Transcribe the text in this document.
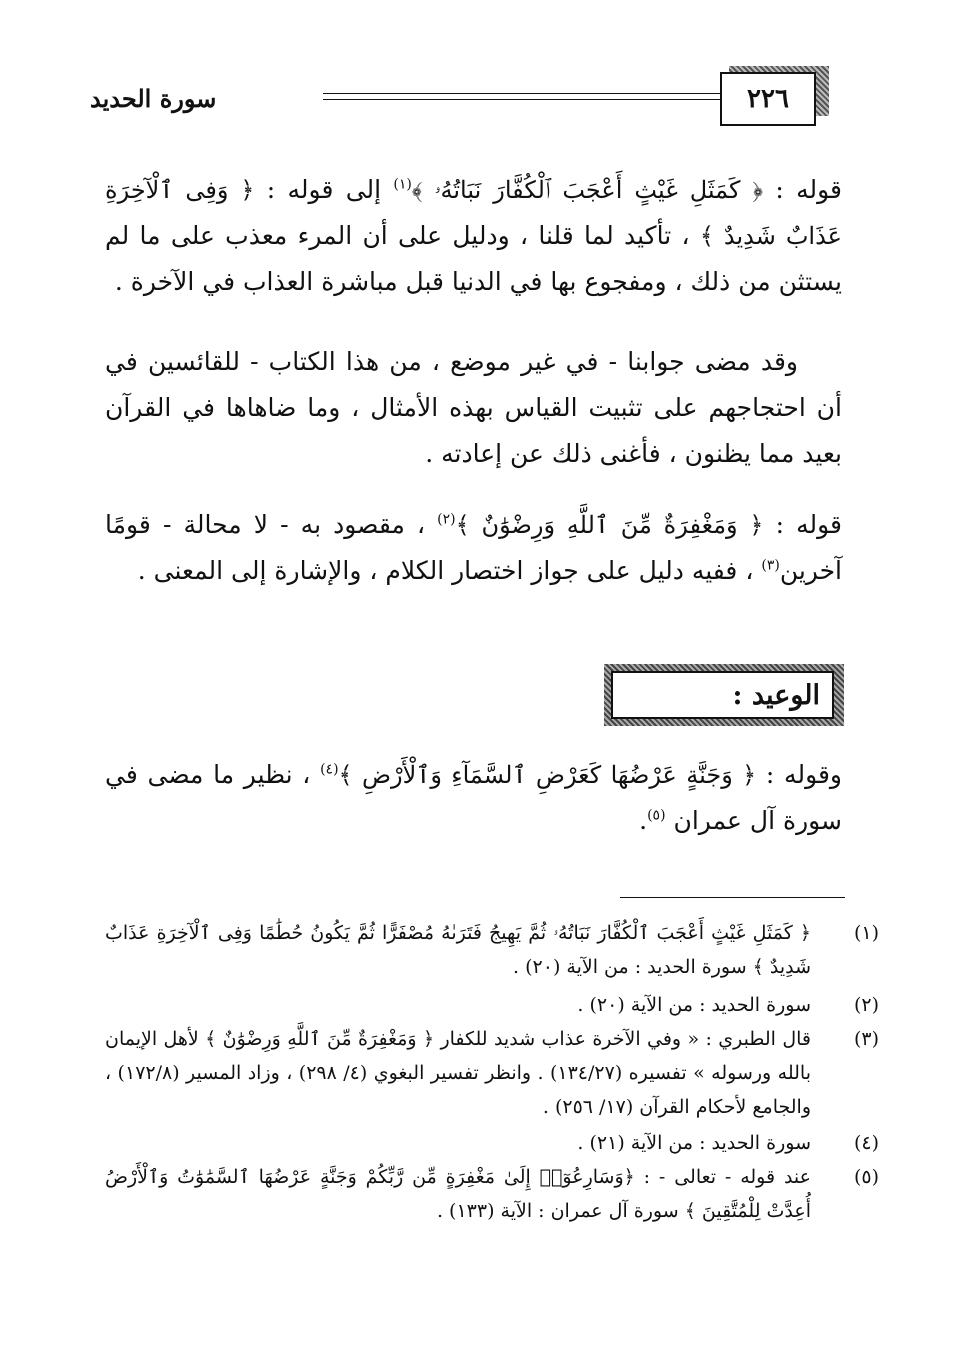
٢٢٦
سورة الحديد
قوله : ﴿ كَمَثَلِ غَيْثٍ أَعْجَبَ ٱلْكُفَّارَ نَبَاتُهُۥ ﴾$^{(١)}$ إلى قوله : ﴿ وَفِى ٱلْآخِرَةِ عَذَابٌ شَدِيدٌ ﴾ ، تأكيد لما قلنا ، ودليل على أن المرء معذب على ما لم يستثن من ذلك ، ومفجوع بها في الدنيا قبل مباشرة العذاب في الآخرة .
وقد مضى جوابنا - في غير موضع ، من هذا الكتاب - للقائسين في أن احتجاجهم على تثبيت القياس بهذه الأمثال ، وما ضاهاها في القرآن بعيد مما يظنون ، فأغنى ذلك عن إعادته .
قوله : ﴿ وَمَغْفِرَةٌ مِّنَ ٱللَّهِ وَرِضْوَٰنٌ ﴾$^{(٢)}$ ، مقصود به - لا محالة - قومًا آخرين$^{(٣)}$ ، ففيه دليل على جواز اختصار الكلام ، والإشارة إلى المعنى .
الوعيد :
وقوله : ﴿ وَجَنَّةٍ عَرْضُهَا كَعَرْضِ ٱلسَّمَآءِ وَٱلْأَرْضِ ﴾$^{(٤)}$ ، نظير ما مضى في سورة آل عمران $^{(٥)}$.
(١)﴿ كَمَثَلِ غَيْثٍ أَعْجَبَ ٱلْكُفَّارَ نَبَاتُهُۥ ثُمَّ يَهِيجُ فَتَرَىٰهُ مُصْفَرًّا ثُمَّ يَكُونُ حُطَٰمًا وَفِى ٱلْآخِرَةِ عَذَابٌ شَدِيدٌ ﴾ سورة الحديد : من الآية (٢٠) .
(٢)سورة الحديد : من الآية (٢٠) .
(٣)قال الطبري : « وفي الآخرة عذاب شديد للكفار ﴿ وَمَغْفِرَةٌ مِّنَ ٱللَّهِ وَرِضْوَٰنٌ ﴾ لأهل الإيمان بالله ورسوله » تفسيره (١٣٤/٢٧) . وانظر تفسير البغوي (٤/ ٢٩٨) ، وزاد المسير (١٧٢/٨) ، والجامع لأحكام القرآن (١٧/ ٢٥٦) .
(٤)سورة الحديد : من الآية (٢١) .
(٥)عند قوله - تعالى - : ﴿وَسَارِعُوٓا۟ إِلَىٰ مَغْفِرَةٍ مِّن رَّبِّكُمْ وَجَنَّةٍ عَرْضُهَا ٱلسَّمَٰوَٰتُ وَٱلْأَرْضُ أُعِدَّتْ لِلْمُتَّقِينَ ﴾ سورة آل عمران : الآية (١٣٣) .
